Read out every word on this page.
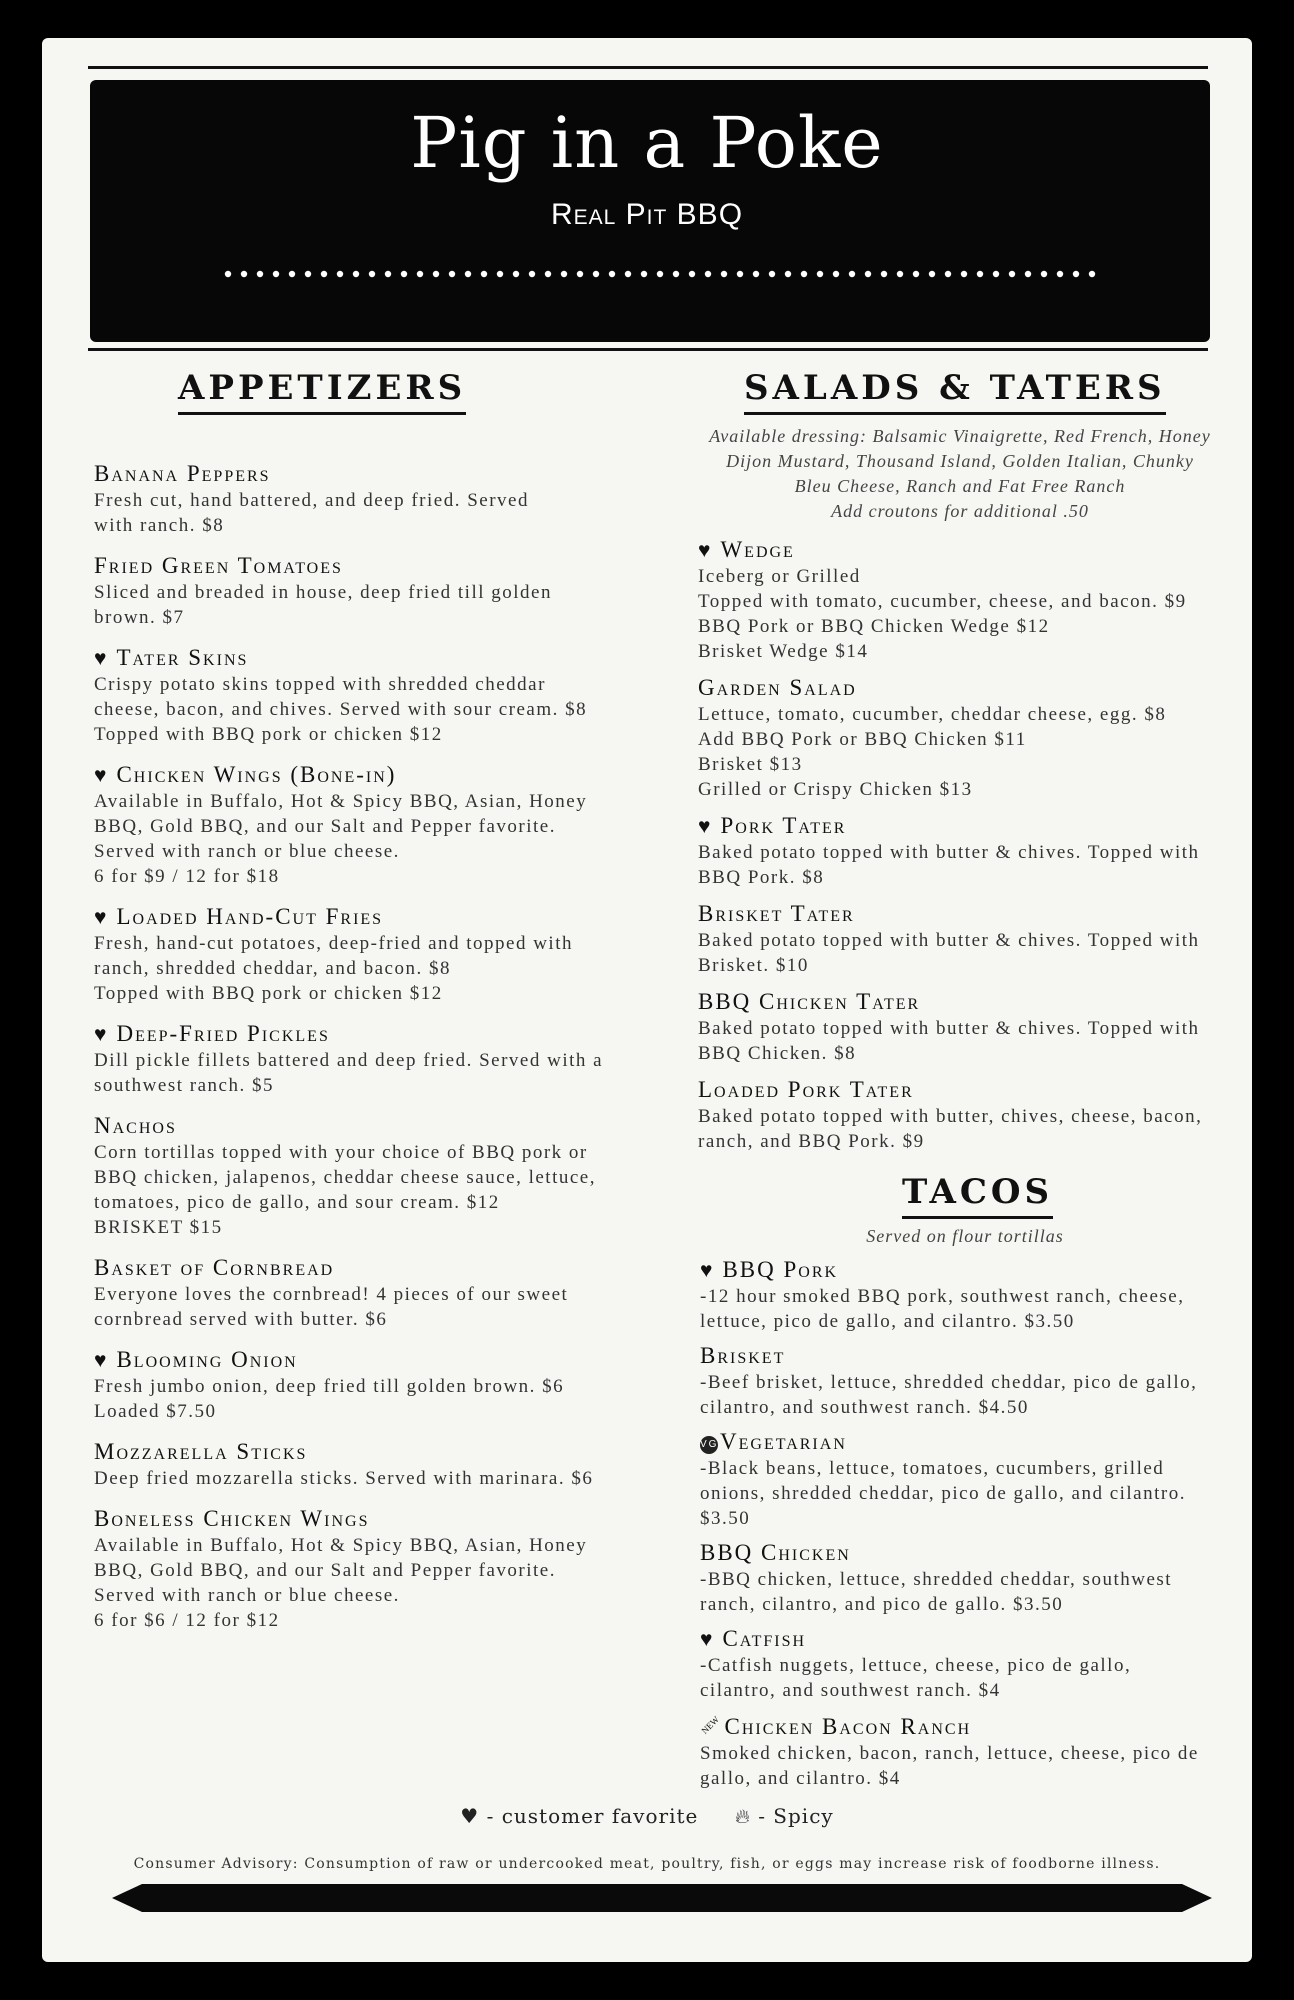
Pig in a Poke
Real Pit BBQ
APPETIZERS
Banana Peppers
Fresh cut, hand battered, and deep fried. Served
with ranch. $8
Fried Green Tomatoes
Sliced and breaded in house, deep fried till golden
brown. $7
♥ Tater Skins
Crispy potato skins topped with shredded cheddar
cheese, bacon, and chives. Served with sour cream. $8
Topped with BBQ pork or chicken $12
♥ Chicken Wings (Bone-in)
Available in Buffalo, Hot & Spicy BBQ, Asian, Honey
BBQ, Gold BBQ, and our Salt and Pepper favorite.
Served with ranch or blue cheese.
6 for $9 / 12 for $18
♥ Loaded Hand-Cut Fries
Fresh, hand-cut potatoes, deep-fried and topped with
ranch, shredded cheddar, and bacon. $8
Topped with BBQ pork or chicken $12
♥ Deep-Fried Pickles
Dill pickle fillets battered and deep fried. Served with a
southwest ranch. $5
Nachos
Corn tortillas topped with your choice of BBQ pork or
BBQ chicken, jalapenos, cheddar cheese sauce, lettuce,
tomatoes, pico de gallo, and sour cream. $12
BRISKET $15
Basket of Cornbread
Everyone loves the cornbread! 4 pieces of our sweet
cornbread served with butter. $6
♥ Blooming Onion
Fresh jumbo onion, deep fried till golden brown. $6
Loaded $7.50
Mozzarella Sticks
Deep fried mozzarella sticks. Served with marinara. $6
Boneless Chicken Wings
Available in Buffalo, Hot & Spicy BBQ, Asian, Honey
BBQ, Gold BBQ, and our Salt and Pepper favorite.
Served with ranch or blue cheese.
6 for $6 / 12 for $12
SALADS & TATERS
Available dressing: Balsamic Vinaigrette, Red French, Honey
Dijon Mustard, Thousand Island, Golden Italian, Chunky
Bleu Cheese, Ranch and Fat Free Ranch
Add croutons for additional .50
♥ Wedge
Iceberg or Grilled
Topped with tomato, cucumber, cheese, and bacon. $9
BBQ Pork or BBQ Chicken Wedge $12
Brisket Wedge $14
Garden Salad
Lettuce, tomato, cucumber, cheddar cheese, egg. $8
Add BBQ Pork or BBQ Chicken $11
Brisket $13
Grilled or Crispy Chicken $13
♥ Pork Tater
Baked potato topped with butter & chives. Topped with
BBQ Pork. $8
Brisket Tater
Baked potato topped with butter & chives. Topped with
Brisket. $10
BBQ Chicken Tater
Baked potato topped with butter & chives. Topped with
BBQ Chicken. $8
Loaded Pork Tater
Baked potato topped with butter, chives, cheese, bacon,
ranch, and BBQ Pork. $9
TACOS
Served on flour tortillas
♥ BBQ Pork
-12 hour smoked BBQ pork, southwest ranch, cheese,
lettuce, pico de gallo, and cilantro. $3.50
Brisket
-Beef brisket, lettuce, shredded cheddar, pico de gallo,
cilantro, and southwest ranch. $4.50
VGVegetarian
-Black beans, lettuce, tomatoes, cucumbers, grilled
onions, shredded cheddar, pico de gallo, and cilantro.
$3.50
BBQ Chicken
-BBQ chicken, lettuce, shredded cheddar, southwest
ranch, cilantro, and pico de gallo. $3.50
♥ Catfish
-Catfish nuggets, lettuce, cheese, pico de gallo,
cilantro, and southwest ranch. $4
NEW Chicken Bacon Ranch
Smoked chicken, bacon, ranch, lettuce, cheese, pico de
gallo, and cilantro. $4
♥ - customer favorite 🔥︎ - Spicy
Consumer Advisory: Consumption of raw or undercooked meat, poultry, fish, or eggs may increase risk of foodborne illness.
